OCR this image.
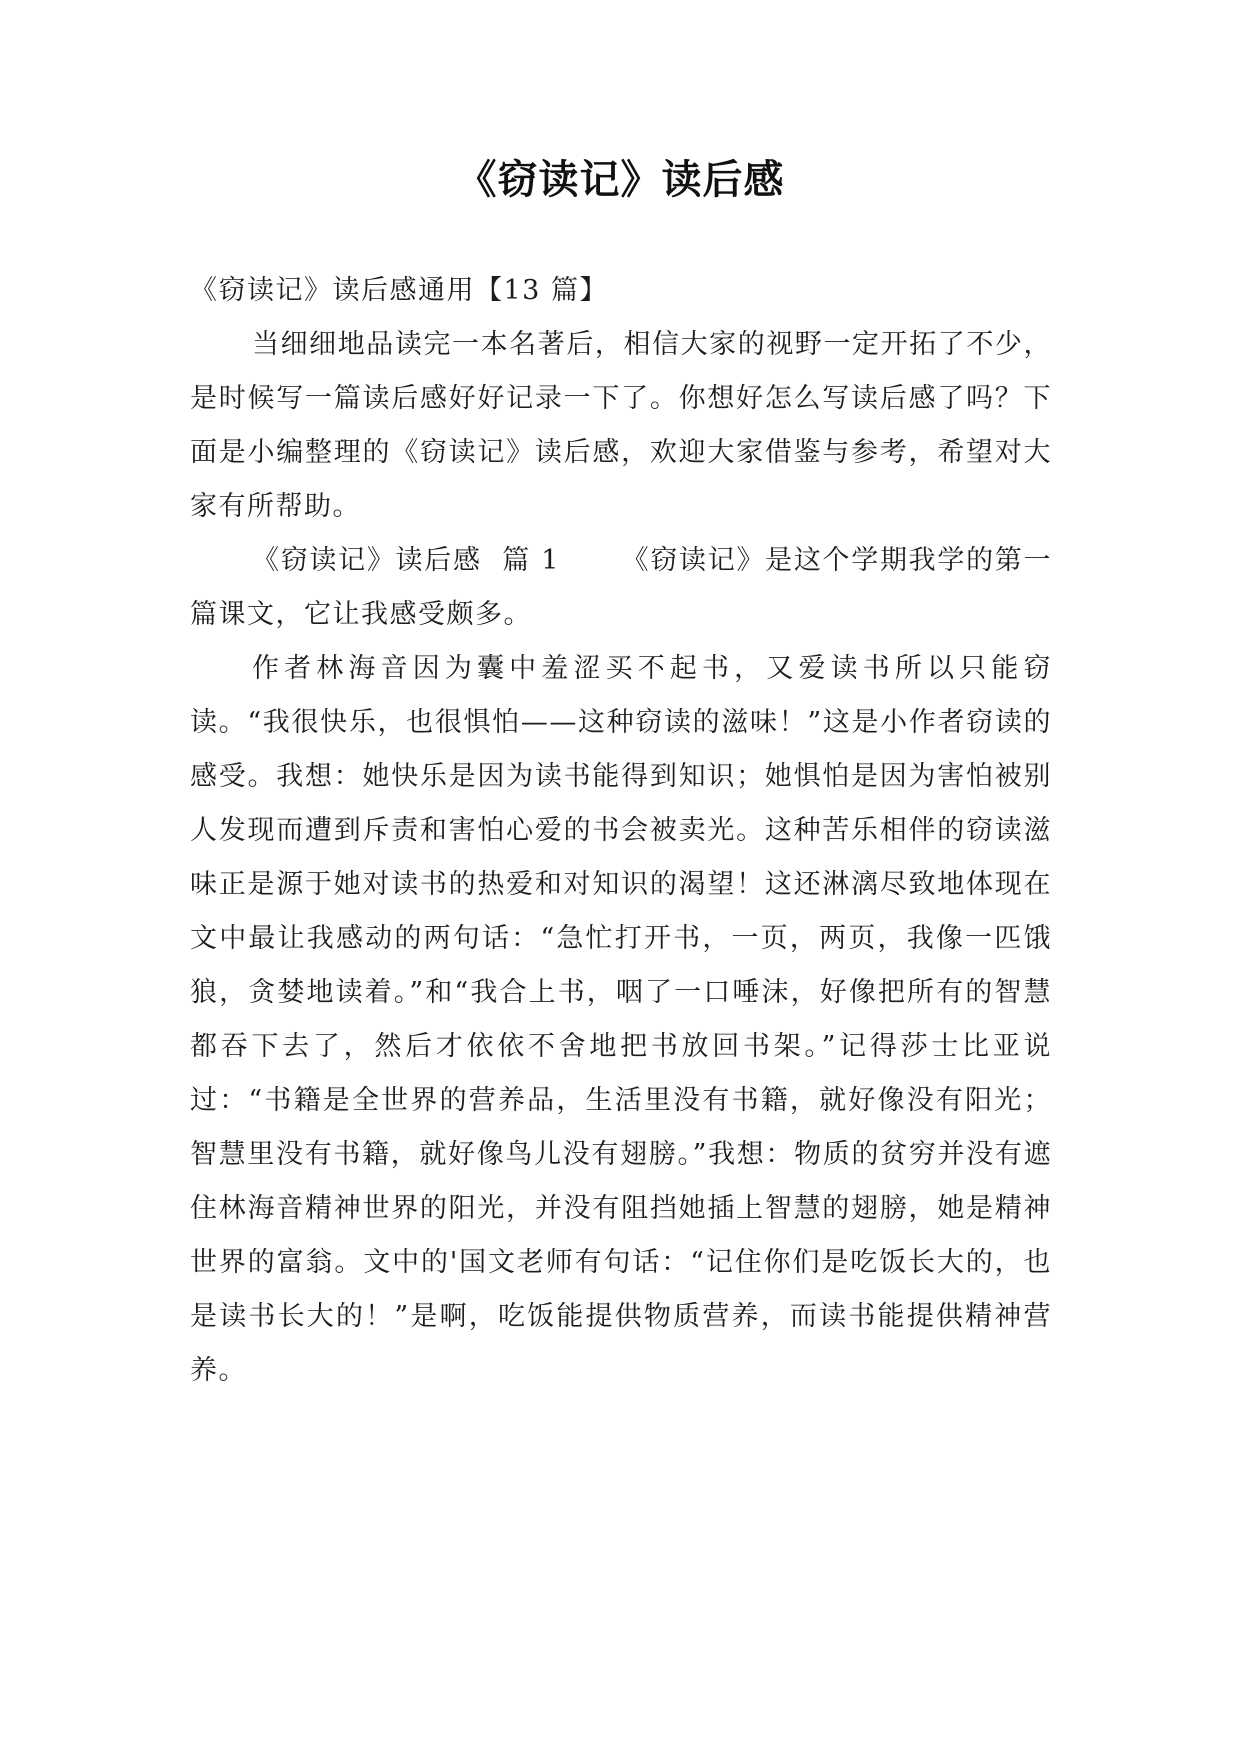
《窃读记》读后感

《窃读记》读后感通用【13 篇】

当细细地品读完一本名著后，相信大家的视野一定开拓了不少，是时候写一篇读后感好好记录一下了。你想好怎么写读后感了吗？下面是小编整理的《窃读记》读后感，欢迎大家借鉴与参考，希望对大家有所帮助。

《窃读记》读后感  篇 1      《窃读记》是这个学期我学的第一篇课文，它让我感受颇多。

作者林海音因为囊中羞涩买不起书，又爱读书所以只能窃读。“我很快乐，也很惧怕——这种窃读的滋味！”这是小作者窃读的感受。我想：她快乐是因为读书能得到知识；她惧怕是因为害怕被别人发现而遭到斥责和害怕心爱的书会被卖光。这种苦乐相伴的窃读滋味正是源于她对读书的热爱和对知识的渴望！这还淋漓尽致地体现在文中最让我感动的两句话：“急忙打开书，一页，两页，我像一匹饿狼，贪婪地读着。”和“我合上书，咽了一口唾沫，好像把所有的智慧都吞下去了，然后才依依不舍地把书放回书架。”记得莎士比亚说过：“书籍是全世界的营养品，生活里没有书籍，就好像没有阳光；智慧里没有书籍，就好像鸟儿没有翅膀。”我想：物质的贫穷并没有遮住林海音精神世界的阳光，并没有阻挡她插上智慧的翅膀，她是精神世界的富翁。文中的'国文老师有句话：“记住你们是吃饭长大的，也是读书长大的！”是啊，吃饭能提供物质营养，而读书能提供精神营养。
